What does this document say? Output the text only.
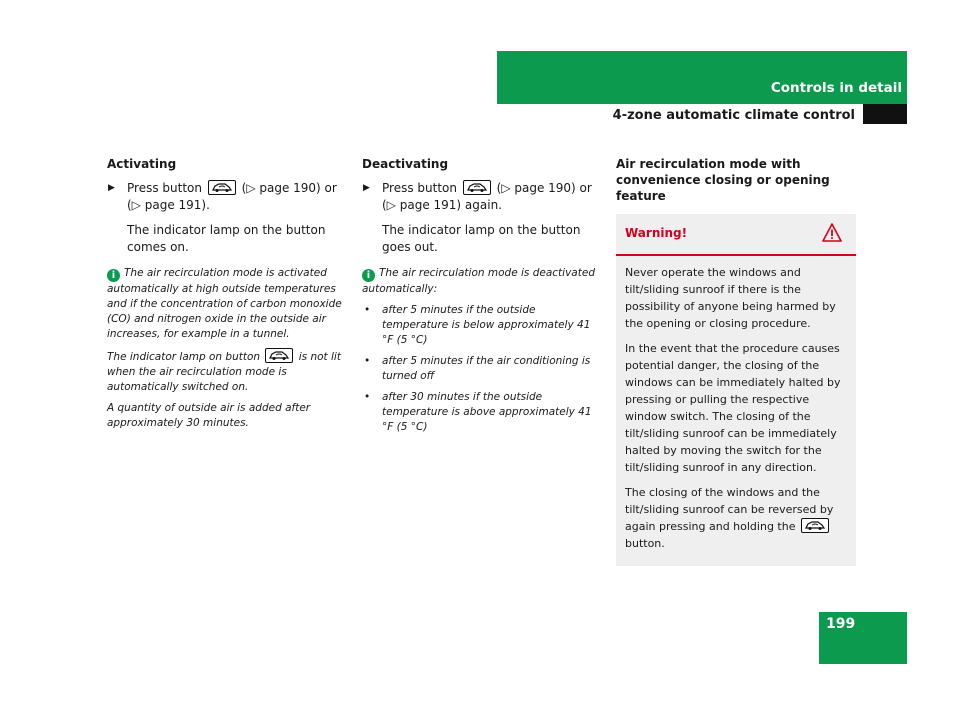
Controls in detail
4-zone automatic climate control
Activating
▶ Press button	(▷ page 190) or (▷ page 191).
The indicator lamp on the button comes on.
i The air recirculation mode is activated automatically at high outside temperatures and if the concentration of carbon monoxide (CO) and nitrogen oxide in the outside air increases, for example in a tunnel.
The indicator lamp on button	is not lit when the air recirculation mode is automatically switched on.
A quantity of outside air is added after approximately 30 minutes.
Deactivating
▶ Press button	(▷ page 190) or (▷ page 191) again.
The indicator lamp on the button goes out.
i The air recirculation mode is deactivated automatically:
• after 5 minutes if the outside temperature is below approximately 41 °F (5 °C)
• after 5 minutes if the air conditioning is turned off
• after 30 minutes if the outside temperature is above approximately 41 °F (5 °C)
Air recirculation mode with convenience closing or opening feature
Warning!
Never operate the windows and tilt/sliding sunroof if there is the possibility of anyone being harmed by the opening or closing procedure.
In the event that the procedure causes potential danger, the closing of the windows can be immediately halted by pressing or pulling the respective window switch. The closing of the tilt/sliding sunroof can be immediately halted by moving the switch for the tilt/sliding sunroof in any direction.
The closing of the windows and the tilt/sliding sunroof can be reversed by again pressing and holding the
button.
199
